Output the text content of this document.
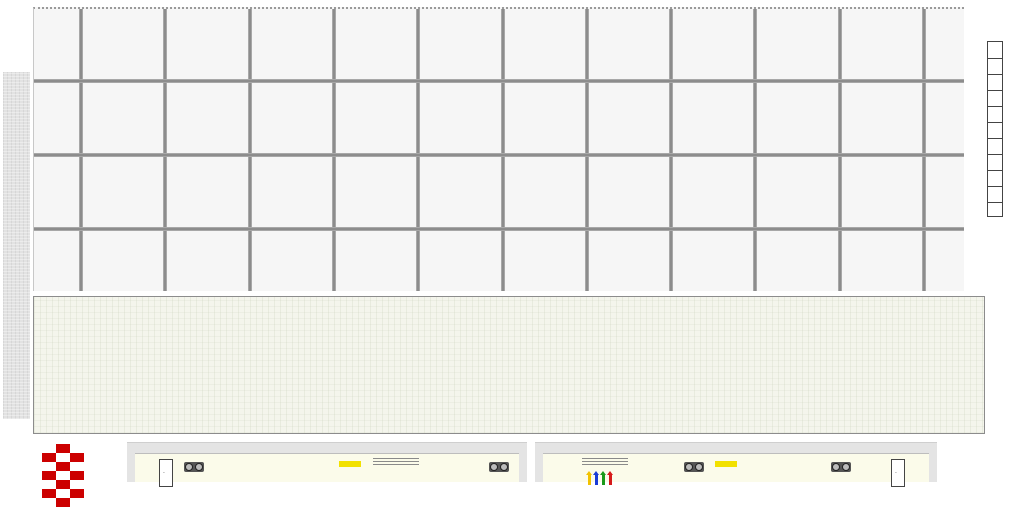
·	·
